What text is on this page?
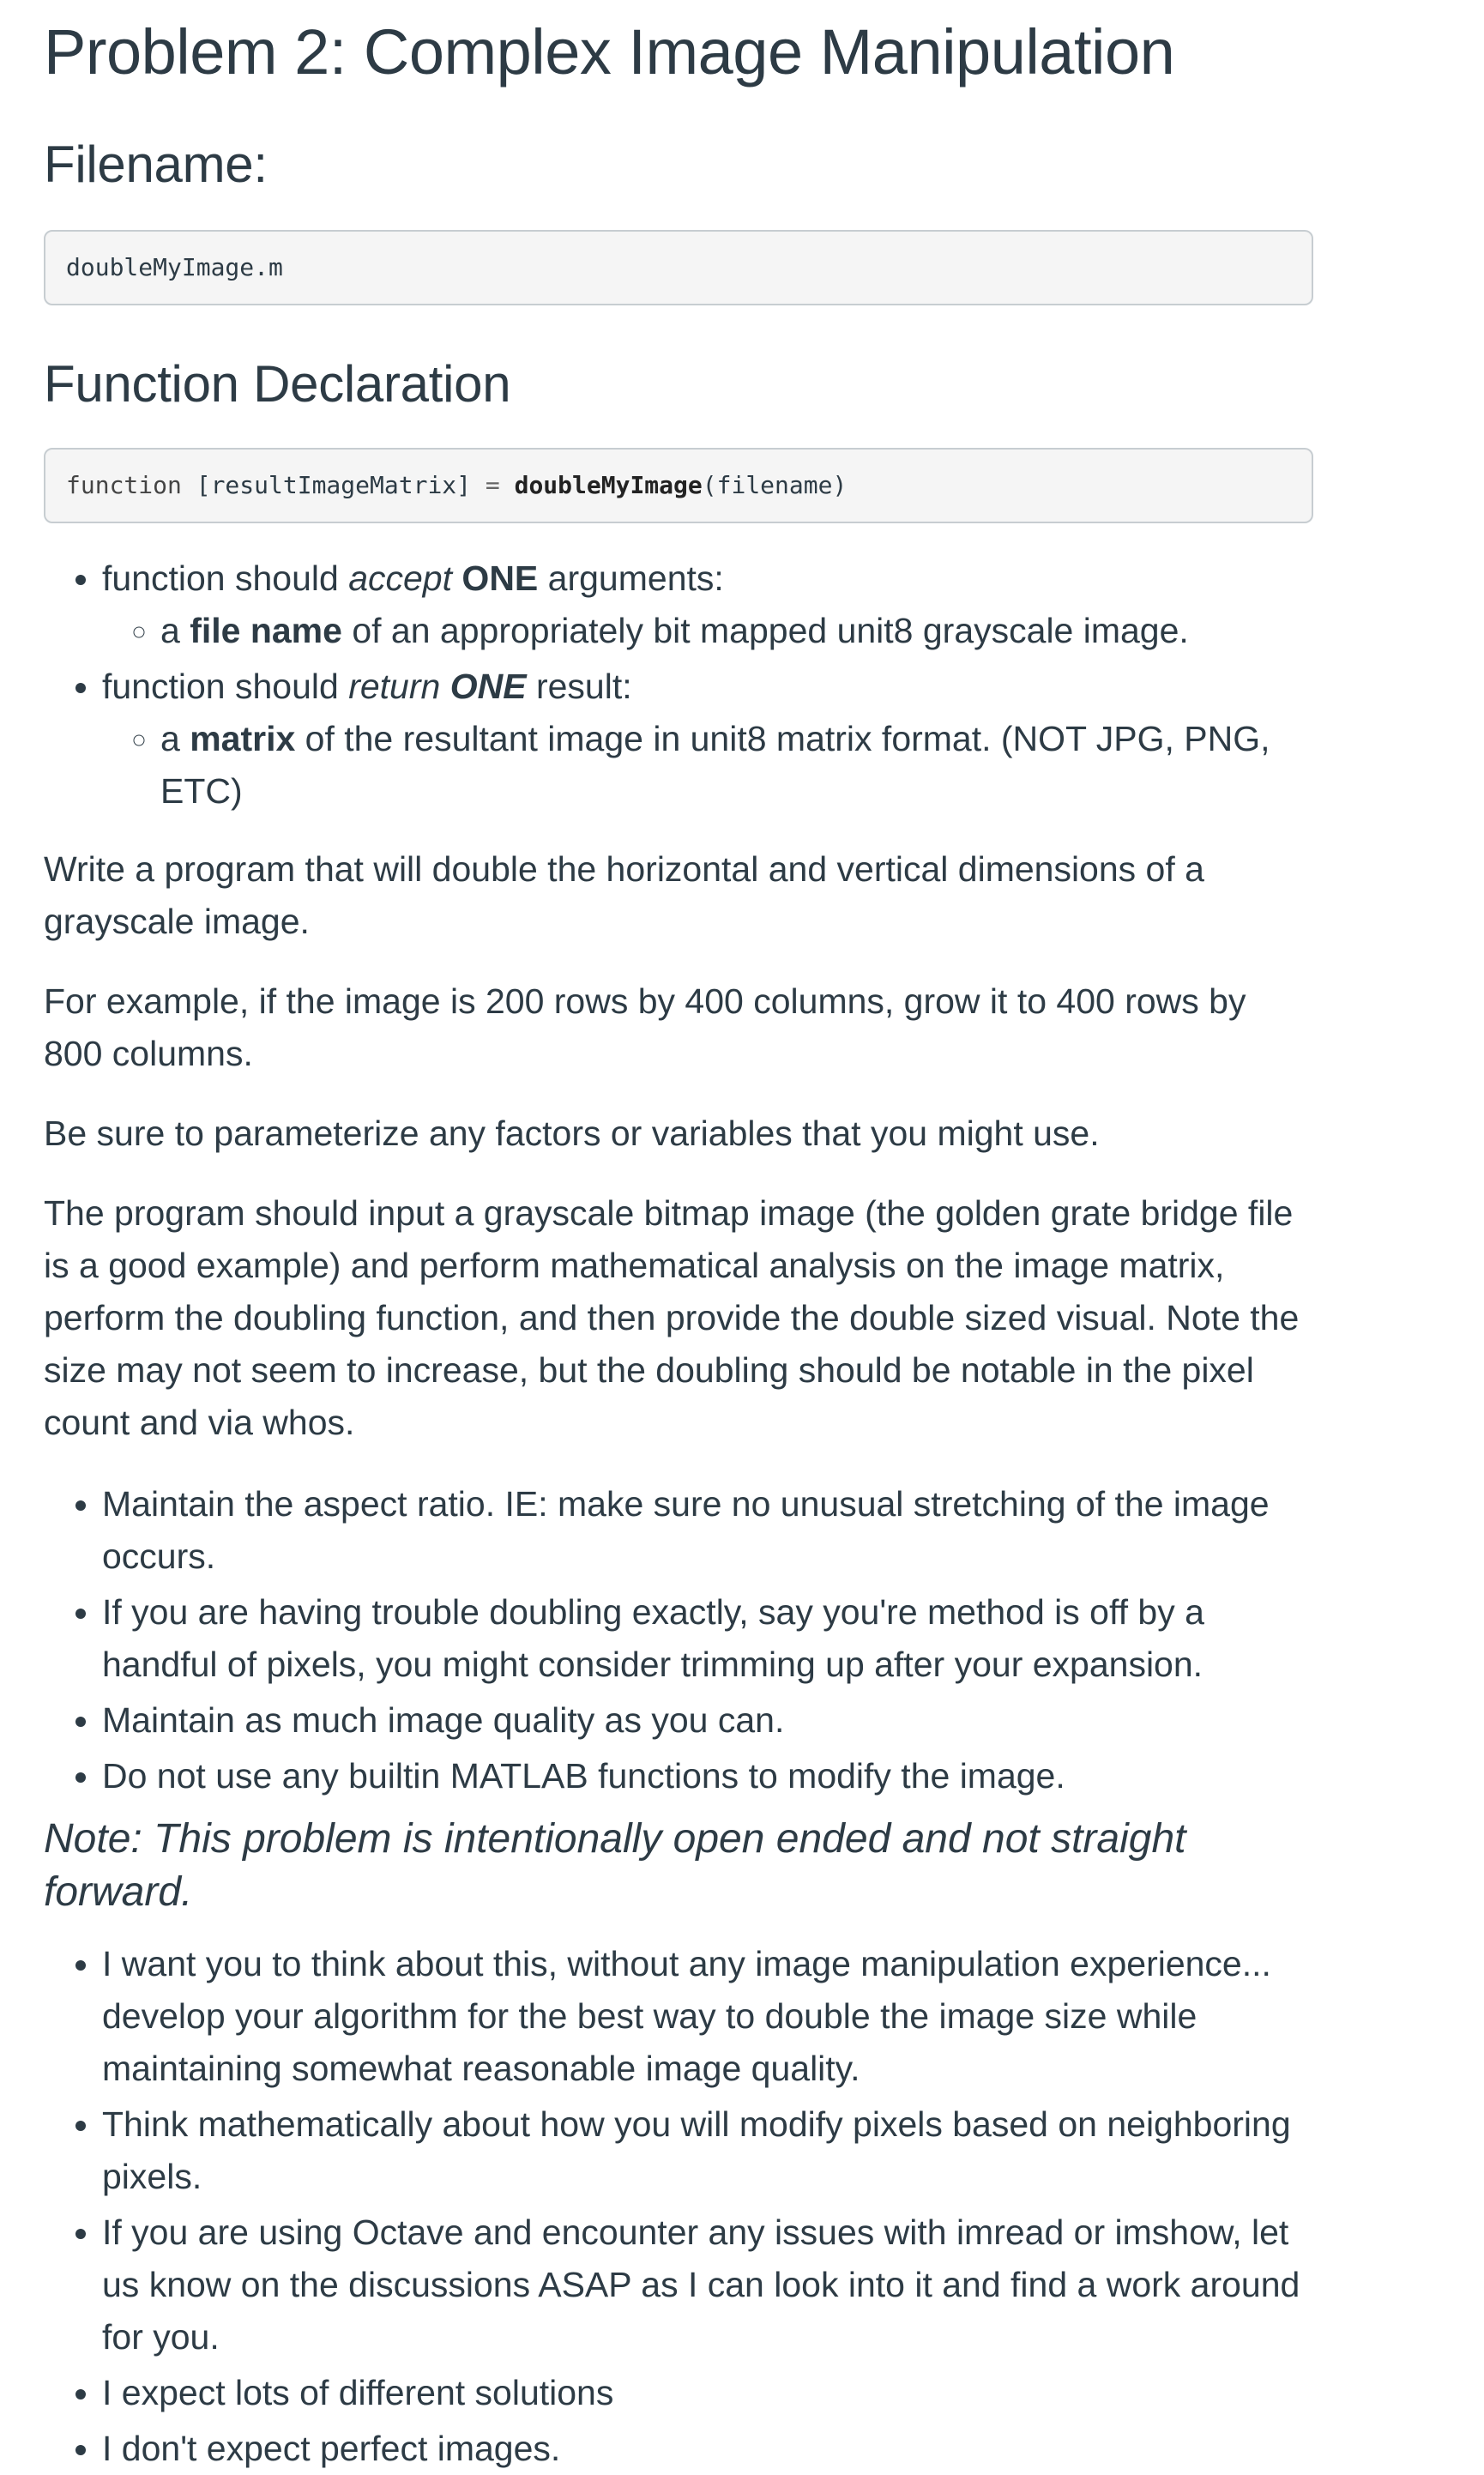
Problem 2: Complex Image Manipulation
Filename:
doubleMyImage.m
Function Declaration
function [resultImageMatrix] = doubleMyImage(filename)
• function should accept ONE arguments:
◦ a file name of an appropriately bit mapped unit8 grayscale image.
• function should return ONE result:
◦ a matrix of the resultant image in unit8 matrix format. (NOT JPG, PNG, ETC)

Write a program that will double the horizontal and vertical dimensions of a grayscale image.

For example, if the image is 200 rows by 400 columns, grow it to 400 rows by 800 columns.

Be sure to parameterize any factors or variables that you might use.

The program should input a grayscale bitmap image (the golden grate bridge file is a good example) and perform mathematical analysis on the image matrix, perform the doubling function, and then provide the double sized visual. Note the size may not seem to increase, but the doubling should be notable in the pixel count and via whos.

• Maintain the aspect ratio. IE: make sure no unusual stretching of the image occurs.
• If you are having trouble doubling exactly, say you're method is off by a handful of pixels, you might consider trimming up after your expansion.
• Maintain as much image quality as you can.
• Do not use any builtin MATLAB functions to modify the image.

Note: This problem is intentionally open ended and not straight forward.

• I want you to think about this, without any image manipulation experience... develop your algorithm for the best way to double the image size while maintaining somewhat reasonable image quality.
• Think mathematically about how you will modify pixels based on neighboring pixels.
• If you are using Octave and encounter any issues with imread or imshow, let us know on the discussions ASAP as I can look into it and find a work around for you.
• I expect lots of different solutions
• I don't expect perfect images.
